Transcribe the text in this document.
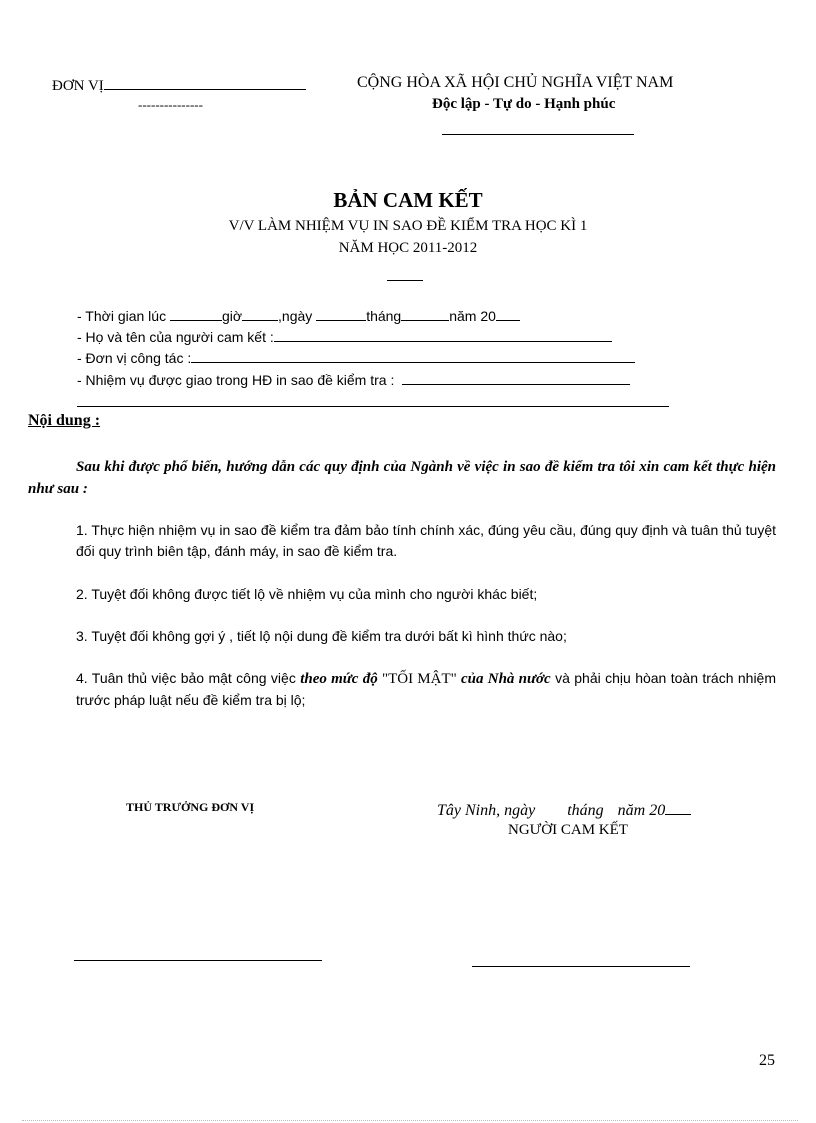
ĐƠN VỊ
---------------
CỘNG HÒA XÃ HỘI CHỦ NGHĨA VIỆT NAM
Độc lập - Tự do - Hạnh phúc
BẢN CAM KẾT
V/V LÀM NHIỆM VỤ IN SAO ĐỀ KIỂM TRA HỌC KÌ 1
NĂM HỌC 2011-2012
- Thời gian lúc	giờ	,ngày	tháng	năm 20
- Họ và tên của người cam kết :
- Đơn vị công tác :
- Nhiệm vụ được giao trong HĐ in sao đề kiểm tra :
Nội dung :
Sau khi được phổ biến, hướng dẫn các quy định của Ngành về việc in sao đề kiểm tra tôi xin cam kết thực hiện như sau :
1. Thực hiện nhiệm vụ in sao đề kiểm tra đảm bảo tính chính xác, đúng yêu cầu, đúng quy định và tuân thủ tuyệt đối quy trình biên tập, đánh máy, in sao đề kiểm tra.
2. Tuyệt đối không được tiết lộ về nhiệm vụ của mình cho người khác biết;
3. Tuyệt đối không gợi ý , tiết lộ nội dung đề kiểm tra dưới bất kì hình thức nào;
4. Tuân thủ việc bảo mật công việc theo mức độ "TỐI MẬT" của Nhà nước và phải chịu hòan toàn trách nhiệm trước pháp luật nếu đề kiểm tra bị lộ;
THỦ TRƯỞNG ĐƠN VỊ	Tây Ninh, ngày tháng năm 20
NGƯỜI CAM KẾT
25
